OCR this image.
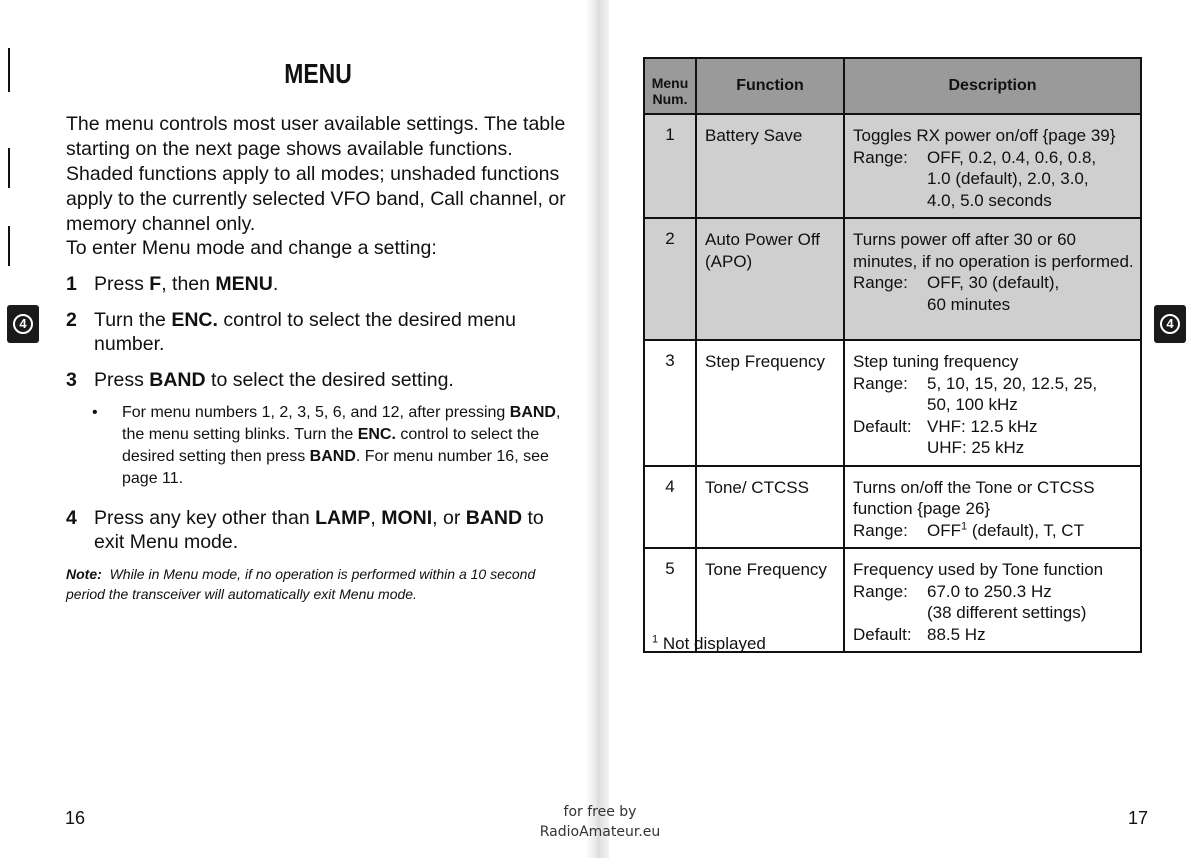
MENU

The menu controls most user available settings. The table starting on the next page shows available functions. Shaded functions apply to all modes; unshaded functions apply to the currently selected VFO band, Call channel, or memory channel only.

To enter Menu mode and change a setting:

1 Press F, then MENU.
2 Turn the ENC. control to select the desired menu number.
3 Press BAND to select the desired setting.
• For menu numbers 1, 2, 3, 5, 6, and 12, after pressing BAND, the menu setting blinks. Turn the ENC. control to select the desired setting then press BAND. For menu number 16, see page 11.
4 Press any key other than LAMP, MONI, or BAND to exit Menu mode.

Note: While in Menu mode, if no operation is performed within a 10 second period the transceiver will automatically exit Menu mode.

4
16
Menu Num.	Function	Description
1	Battery Save	Toggles RX power on/off {page 39}
Range: OFF, 0.2, 0.4, 0.6, 0.8,
1.0 (default), 2.0, 3.0,
4.0, 5.0 seconds

2	Auto Power Off (APO)	Turns power off after 30 or 60 minutes, if no operation is performed.
Range: OFF, 30 (default),
60 minutes

3	Step Frequency	Step tuning frequency
Range: 5, 10, 15, 20, 12.5, 25,
50, 100 kHz
Default: VHF: 12.5 kHz
UHF: 25 kHz

4	Tone/ CTCSS	Turns on/off the Tone or CTCSS function {page 26}
Range: OFF$^1$ (default), T, CT

5	Tone Frequency	Frequency used by Tone function
Range: 67.0 to 250.3 Hz
(38 different settings)
Default: 88.5 Hz
$^1$ Not displayed
4
17
for free by
RadioAmateur.eu
